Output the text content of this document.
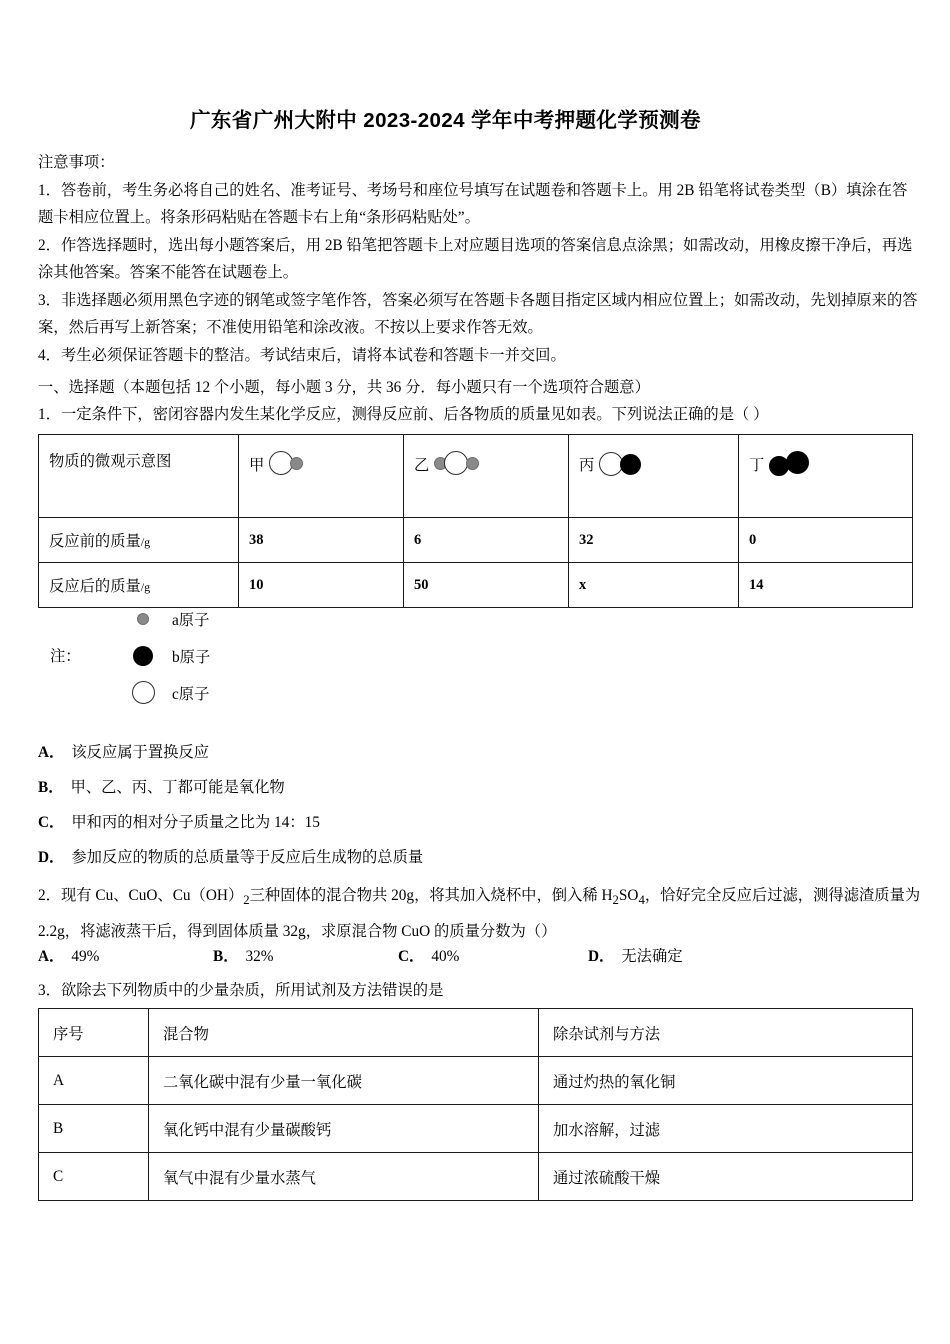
广东省广州大附中 2023-2024 学年中考押题化学预测卷
注意事项：
1．答卷前，考生务必将自己的姓名、准考证号、考场号和座位号填写在试题卷和答题卡上。用 2B 铅笔将试卷类型（B）填涂在答题卡相应位置上。将条形码粘贴在答题卡右上角“条形码粘贴处”。
2．作答选择题时，选出每小题答案后，用 2B 铅笔把答题卡上对应题目选项的答案信息点涂黑；如需改动，用橡皮擦干净后，再选涂其他答案。答案不能答在试题卷上。
3．非选择题必须用黑色字迹的钢笔或签字笔作答，答案必须写在答题卡各题目指定区域内相应位置上；如需改动，先划掉原来的答案，然后再写上新答案；不准使用铅笔和涂改液。不按以上要求作答无效。
4．考生必须保证答题卡的整洁。考试结束后，请将本试卷和答题卡一并交回。
一、选择题（本题包括 12 个小题，每小题 3 分，共 36 分．每小题只有一个选项符合题意）
1．一定条件下，密闭容器内发生某化学反应，测得反应前、后各物质的质量见如表。下列说法正确的是（ ）
物质的微观示意图	甲	乙	丙	丁

反应前的质量/g	38	6	32	0
反应后的质量/g	10	50	x	14
注：
a原子
b原子
c原子
A． 该反应属于置换反应
B． 甲、乙、丙、丁都可能是氧化物
C． 甲和丙的相对分子质量之比为 14：15
D． 参加反应的物质的总质量等于反应后生成物的总质量
2．现有 Cu、CuO、$Cu(OH)_2$三种固体的混合物共 20g，将其加入烧杯中，倒入稀 $H_2SO_4$，恰好完全反应后过滤，测得滤渣质量为 2.2g，将滤液蒸干后，得到固体质量 32g，求原混合物 CuO 的质量分数为（）
A． 49%	B． 32%	C． 40%	D． 无法确定
3．欲除去下列物质中的少量杂质，所用试剂及方法错误的是
序号	混合物	除杂试剂与方法
A	二氧化碳中混有少量一氧化碳	通过灼热的氧化铜
B	氧化钙中混有少量碳酸钙	加水溶解，过滤
C	氧气中混有少量水蒸气	通过浓硫酸干燥
